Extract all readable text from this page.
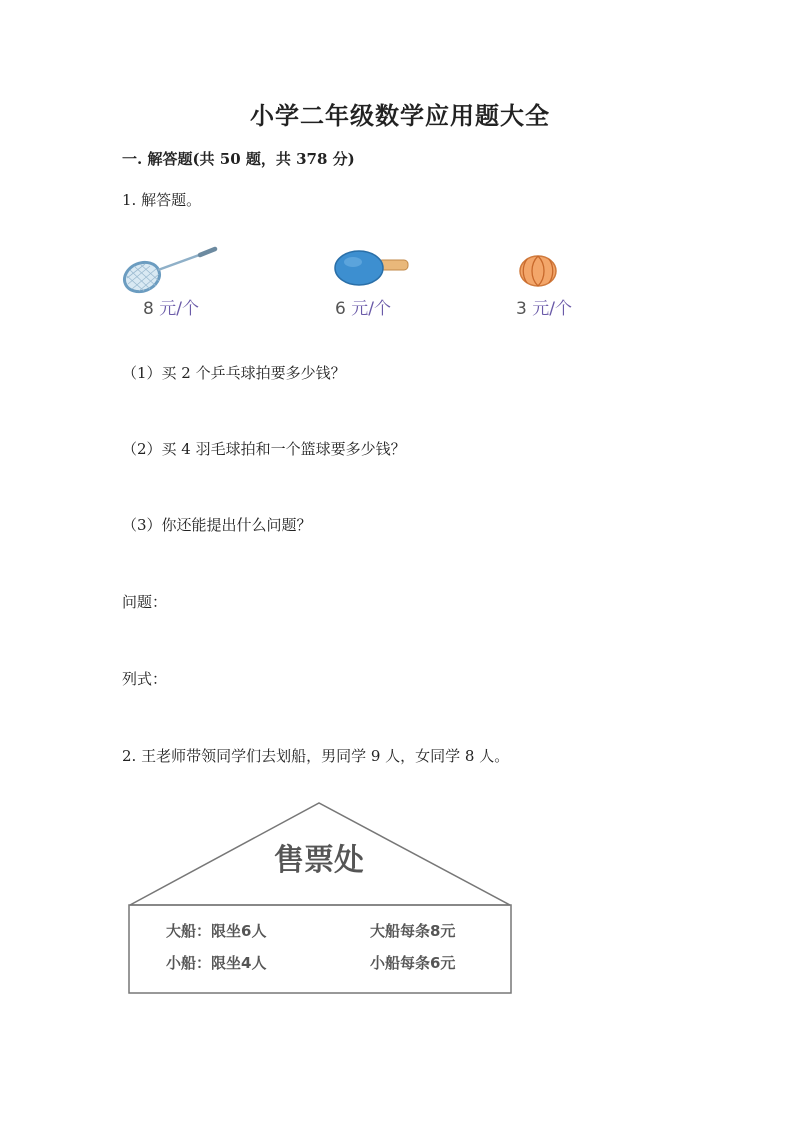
小学二年级数学应用题大全
一. 解答题(共 50 题，共 378 分)
1. 解答题。
8 元/个	6 元/个	3 元/个
（1）买 2 个乒乓球拍要多少钱？
（2）买 4 羽毛球拍和一个篮球要多少钱？
（3）你还能提出什么问题？
问题：
列式：
2. 王老师带领同学们去划船，男同学 9 人，女同学 8 人。
售票处
大船：限坐6人	大船每条8元
小船：限坐4人	小船每条6元
